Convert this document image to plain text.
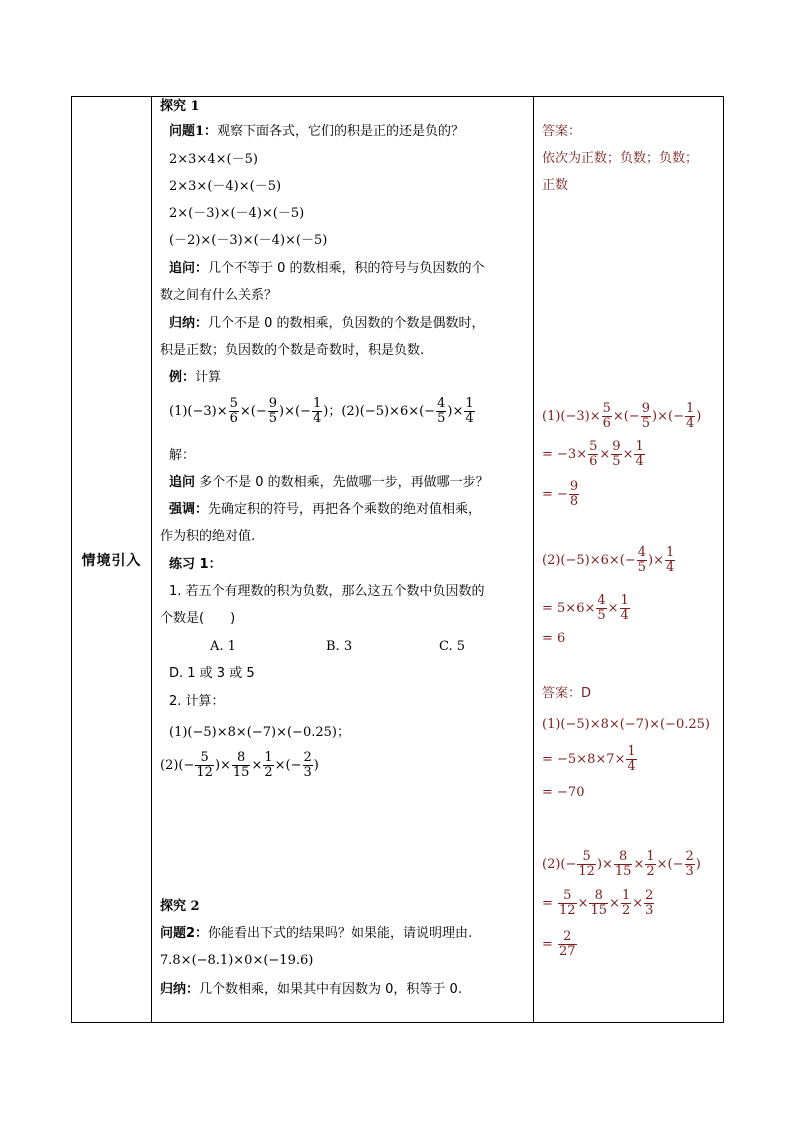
情境引入	
探究 1
问题1：观察下面各式，它们的积是正的还是负的？
2×3×4×(－5)
2×3×(－4)×(－5)
2×(－3)×(－4)×(－5)
(－2)×(－3)×(－4)×(－5)
追问：几个不等于 0 的数相乘，积的符号与负因数的个
数之间有什么关系？
归纳：几个不是 0 的数相乘，负因数的个数是偶数时，
积是正数；负因数的个数是奇数时，积是负数.
例：计算
$(1)(-3)\times \frac{5}{6}$ ×(− $\frac{9}{5}$ )×(− $\frac{1}{4}$ )；$(2)(-5)\times 6\times(- \frac{4}{5}$ )× $\frac{1}{4}$
解：
追问 多个不是 0 的数相乘，先做哪一步，再做哪一步？
强调：先确定积的符号，再把各个乘数的绝对值相乘，
作为积的绝对值.
练习 1：
1. 若五个有理数的积为负数，那么这五个数中负因数的
个数是(　　)
A. 1	B. 3	C. 5
D. 1 或 3 或 5
2. 计算：
(1)(−5)×8×(−7)×(−0.25)；
$(2)(- \frac{5}{12}$ )× $\frac{8}{15} \times \frac{1}{2}$ ×(− $\frac{2}{3}$ )
探究 2
问题2：你能看出下式的结果吗？如果能，请说明理由.
7.8×(−8.1)×0×(−19.6)
归纳：几个数相乘，如果其中有因数为 0，积等于 0.

答案：
依次为正数；负数；负数；
正数
$(1)(-3)\times \frac{5}{6}$ ×(− $\frac{9}{5}$ )×(− $\frac{1}{4}$ )
= $-3\times \frac{5}{6} \times \frac{9}{5} \times \frac{1}{4}$
= − $\frac{9}{8}$
$(2)(-5)\times 6\times(- \frac{4}{5}$ )× $\frac{1}{4}$
= $5\times 6\times \frac{4}{5} \times \frac{1}{4}$
= 6
答案：D
(1)(−5)×8×(−7)×(−0.25)
= $-5\times 8\times 7\times \frac{1}{4}$
= −70
$(2)(- \frac{5}{12}$ )× $\frac{8}{15} \times \frac{1}{2}$ ×(− $\frac{2}{3}$ )
= $\frac{5}{12} \times \frac{8}{15} \times \frac{1}{2} \times \frac{2}{3}$
= $\frac{2}{27}$
